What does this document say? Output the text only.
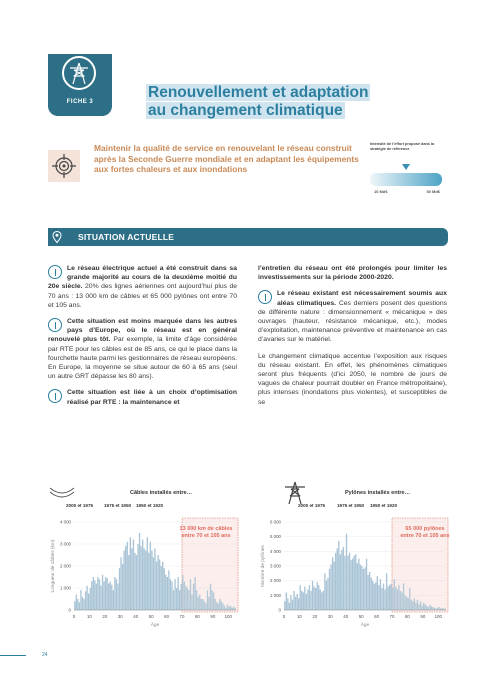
FICHE 3
Renouvellement et adaptation
au changement climatique
Maintenir la qualité de service en renouvelant le réseau construit après la Seconde Guerre mondiale et en adaptant les équipements aux fortes chaleurs et aux inondations
Intensité de l’effort proposé dans la stratégie de référence
10 Md€	30 Md€
SITUATION ACTUELLE

Le réseau électrique actuel a été construit dans sa grande majorité au cours de la deuxième moitié du 20e siècle. 20% des lignes aériennes ont aujourd’hui plus de 70 ans : 13 000 km de câbles et 65 000 pylônes ont entre 70 et 105 ans.

Cette situation est moins marquée dans les autres pays d’Europe, où le réseau est en général renouvelé plus tôt. Par exemple, la limite d’âge considérée par RTE pour les câbles est de 85 ans, ce qui le place dans la fourchette haute parmi les gestionnaires de réseau européens. En Europe, la moyenne se situe autour de 60 à 65 ans (seul un autre GRT dépasse les 80 ans).

Cette situation est liée à un choix d’optimisation réalisé par RTE : la maintenance et

l’entretien du réseau ont été prolongés pour limiter les investissements sur la période 2000-2020.

Le réseau existant est nécessairement soumis aux aléas climatiques. Ces derniers posent des questions de différente nature : dimensionnement « mécanique » des ouvrages (hauteur, résistance mécanique, etc.), modes d’exploitation, maintenance préventive et maintenance en cas d’avaries sur le matériel.

Le changement climatique accentue l’exposition aux risques du réseau existant. En effet, les phénomènes climatiques seront plus fréquents (d’ici 2050, le nombre de jours de vagues de chaleur pourrait doubler en France métropolitaine), plus intenses (inondations plus violentes), et susceptibles de se

Câbles installés entre…
2000 et 1975 1975 et 1950 1950 et 1920
0
1 000
2 000
3 000
4 000
0	10 20 30 40 50 60 70 80 90 100
Âge
Longueur de câbles (km)
13 000 km de câbles entre 70 et 105 ans
Pylônes installés entre…
2000 et 1975	1975 et 1950 1950 et 1920
0
1 000
2 000
3 000
4 000
5 000
6 000
0	10 20 30 40 50 60 70 80 90 100
Âge
Nombre de pylônes
65 000 pylônes entre 70 et 105 ans
24
